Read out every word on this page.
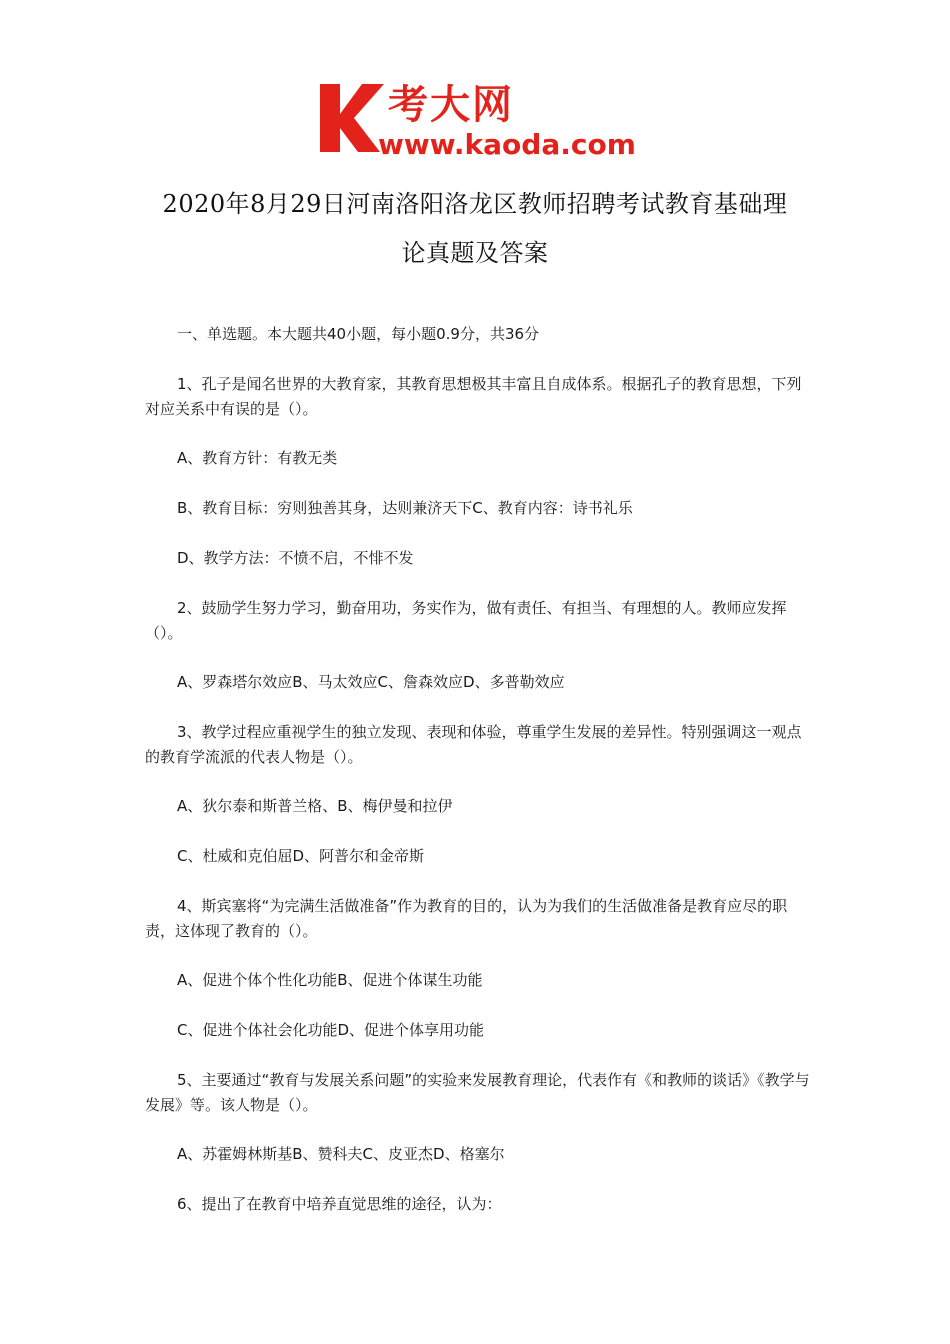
考大网
www.kaoda.com
2020年8月29日河南洛阳洛龙区教师招聘考试教育基础理
论真题及答案

一、单选题。本大题共40小题，每小题0.9分，共36分

1、孔子是闻名世界的大教育家，其教育思想极其丰富且自成体系。根据孔子的教育思想，下列对应关系中有误的是（）。

A、教育方针：有教无类

B、教育目标：穷则独善其身，达则兼济天下C、教育内容：诗书礼乐

D、教学方法：不愤不启，不悱不发

2、鼓励学生努力学习，勤奋用功，务实作为，做有责任、有担当、有理想的人。教师应发挥（）。

A、罗森塔尔效应B、马太效应C、詹森效应D、多普勒效应

3、教学过程应重视学生的独立发现、表现和体验，尊重学生发展的差异性。特别强调这一观点的教育学流派的代表人物是（）。

A、狄尔泰和斯普兰格、B、梅伊曼和拉伊

C、杜威和克伯屈D、阿普尔和金帝斯

4、斯宾塞将“为完满生活做准备”作为教育的目的，认为为我们的生活做准备是教育应尽的职责，这体现了教育的（）。

A、促进个体个性化功能B、促进个体谋生功能

C、促进个体社会化功能D、促进个体享用功能

5、主要通过“教育与发展关系问题”的实验来发展教育理论，代表作有《和教师的谈话》《教学与发展》等。该人物是（）。

A、苏霍姆林斯基B、赞科夫C、皮亚杰D、格塞尔

6、提出了在教育中培养直觉思维的途径，认为：
